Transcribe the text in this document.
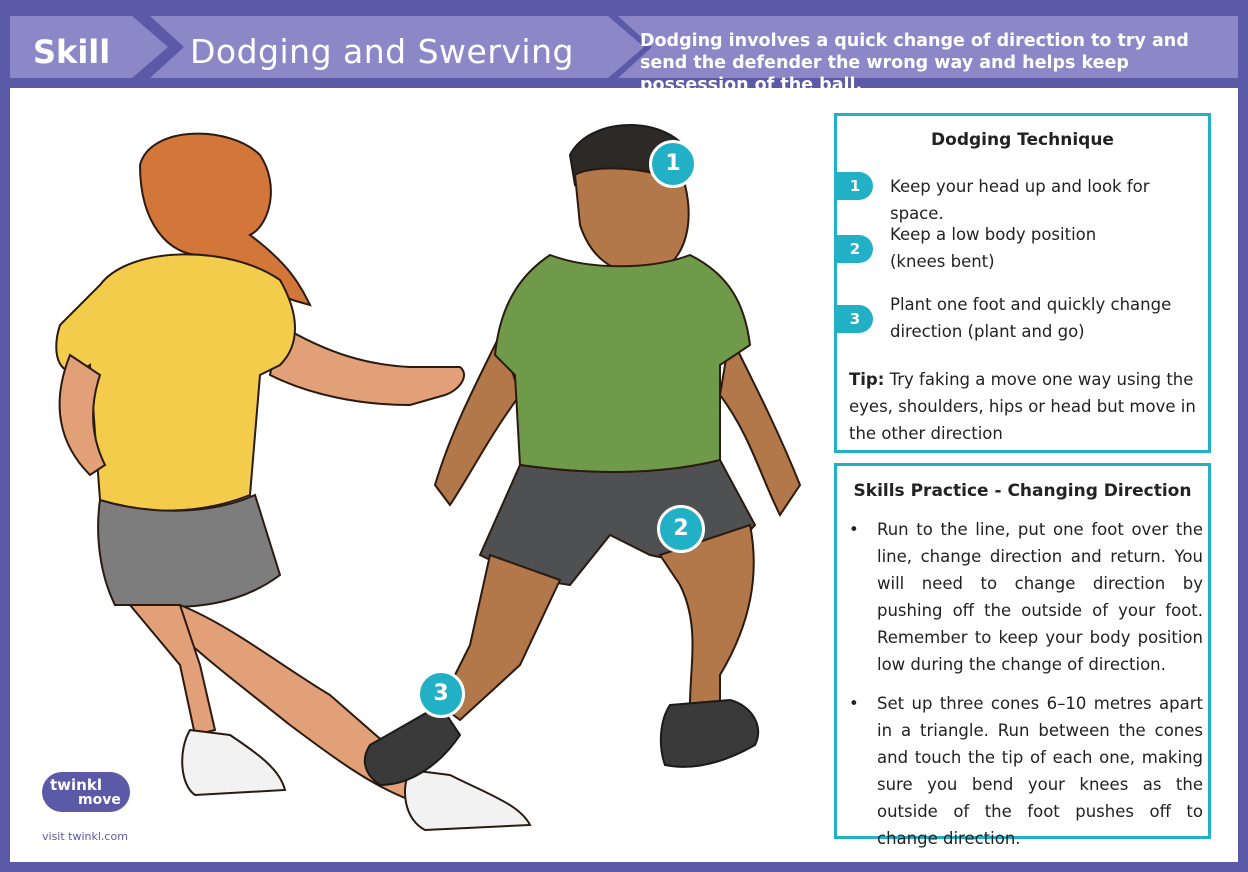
Skill Dodging and Swerving	Dodging involves a quick change of direction to try and send the defender the wrong way and helps keep possession of the ball.
1
2
3
Dodging Technique
1	Keep your head up and look for space.
2
Keep a low body position
(knees bent)
3
Plant one foot and quickly change
direction (plant and go)
Tip: Try faking a move one way using the eyes, shoulders, hips or head but move in the other direction
Skills Practice - Changing Direction
• Run to the line, put one foot over the line, change direction and return. You will need to change direction by pushing off the outside of your foot. Remember to keep your body position low during the change of direction.
• Set up three cones 6–10 metres apart in a triangle. Run between the cones and touch the tip of each one, making sure you bend your knees as the outside of the foot pushes off to change direction.
twinkl
move
visit twinkl.com
